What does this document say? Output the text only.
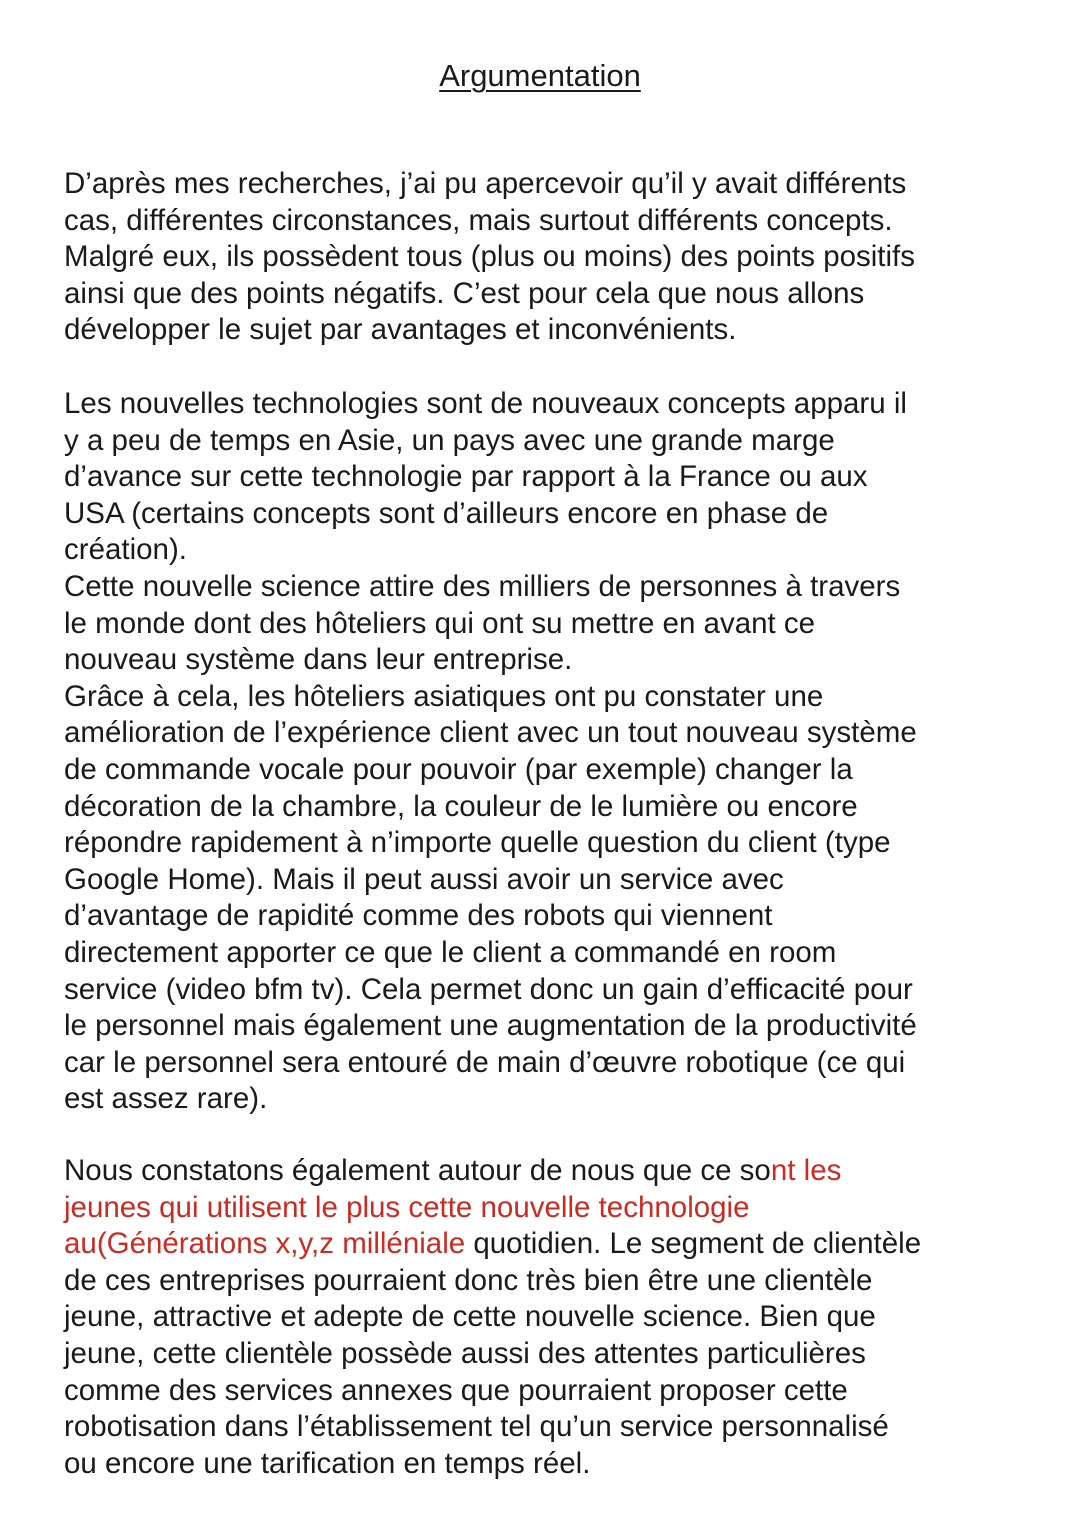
Argumentation
D’après mes recherches, j’ai pu apercevoir qu’il y avait différents
cas, différentes circonstances, mais surtout différents concepts.
Malgré eux, ils possèdent tous (plus ou moins) des points positifs
ainsi que des points négatifs. C’est pour cela que nous allons
développer le sujet par avantages et inconvénients.
Les nouvelles technologies sont de nouveaux concepts apparu il
y a peu de temps en Asie, un pays avec une grande marge
d’avance sur cette technologie par rapport à la France ou aux
USA (certains concepts sont d’ailleurs encore en phase de
création).
Cette nouvelle science attire des milliers de personnes à travers
le monde dont des hôteliers qui ont su mettre en avant ce
nouveau système dans leur entreprise.
Grâce à cela, les hôteliers asiatiques ont pu constater une
amélioration de l’expérience client avec un tout nouveau système
de commande vocale pour pouvoir (par exemple) changer la
décoration de la chambre, la couleur de le lumière ou encore
répondre rapidement à n’importe quelle question du client (type
Google Home). Mais il peut aussi avoir un service avec
d’avantage de rapidité comme des robots qui viennent
directement apporter ce que le client a commandé en room
service (video bfm tv). Cela permet donc un gain d’efficacité pour
le personnel mais également une augmentation de la productivité
car le personnel sera entouré de main d’œuvre robotique (ce qui
est assez rare).
Nous constatons également autour de nous que ce sont les
jeunes qui utilisent le plus cette nouvelle technologie
au(Générations x,y,z milléniale quotidien. Le segment de clientèle
de ces entreprises pourraient donc très bien être une clientèle
jeune, attractive et adepte de cette nouvelle science. Bien que
jeune, cette clientèle possède aussi des attentes particulières
comme des services annexes que pourraient proposer cette
robotisation dans l’établissement tel qu’un service personnalisé
ou encore une tarification en temps réel.
